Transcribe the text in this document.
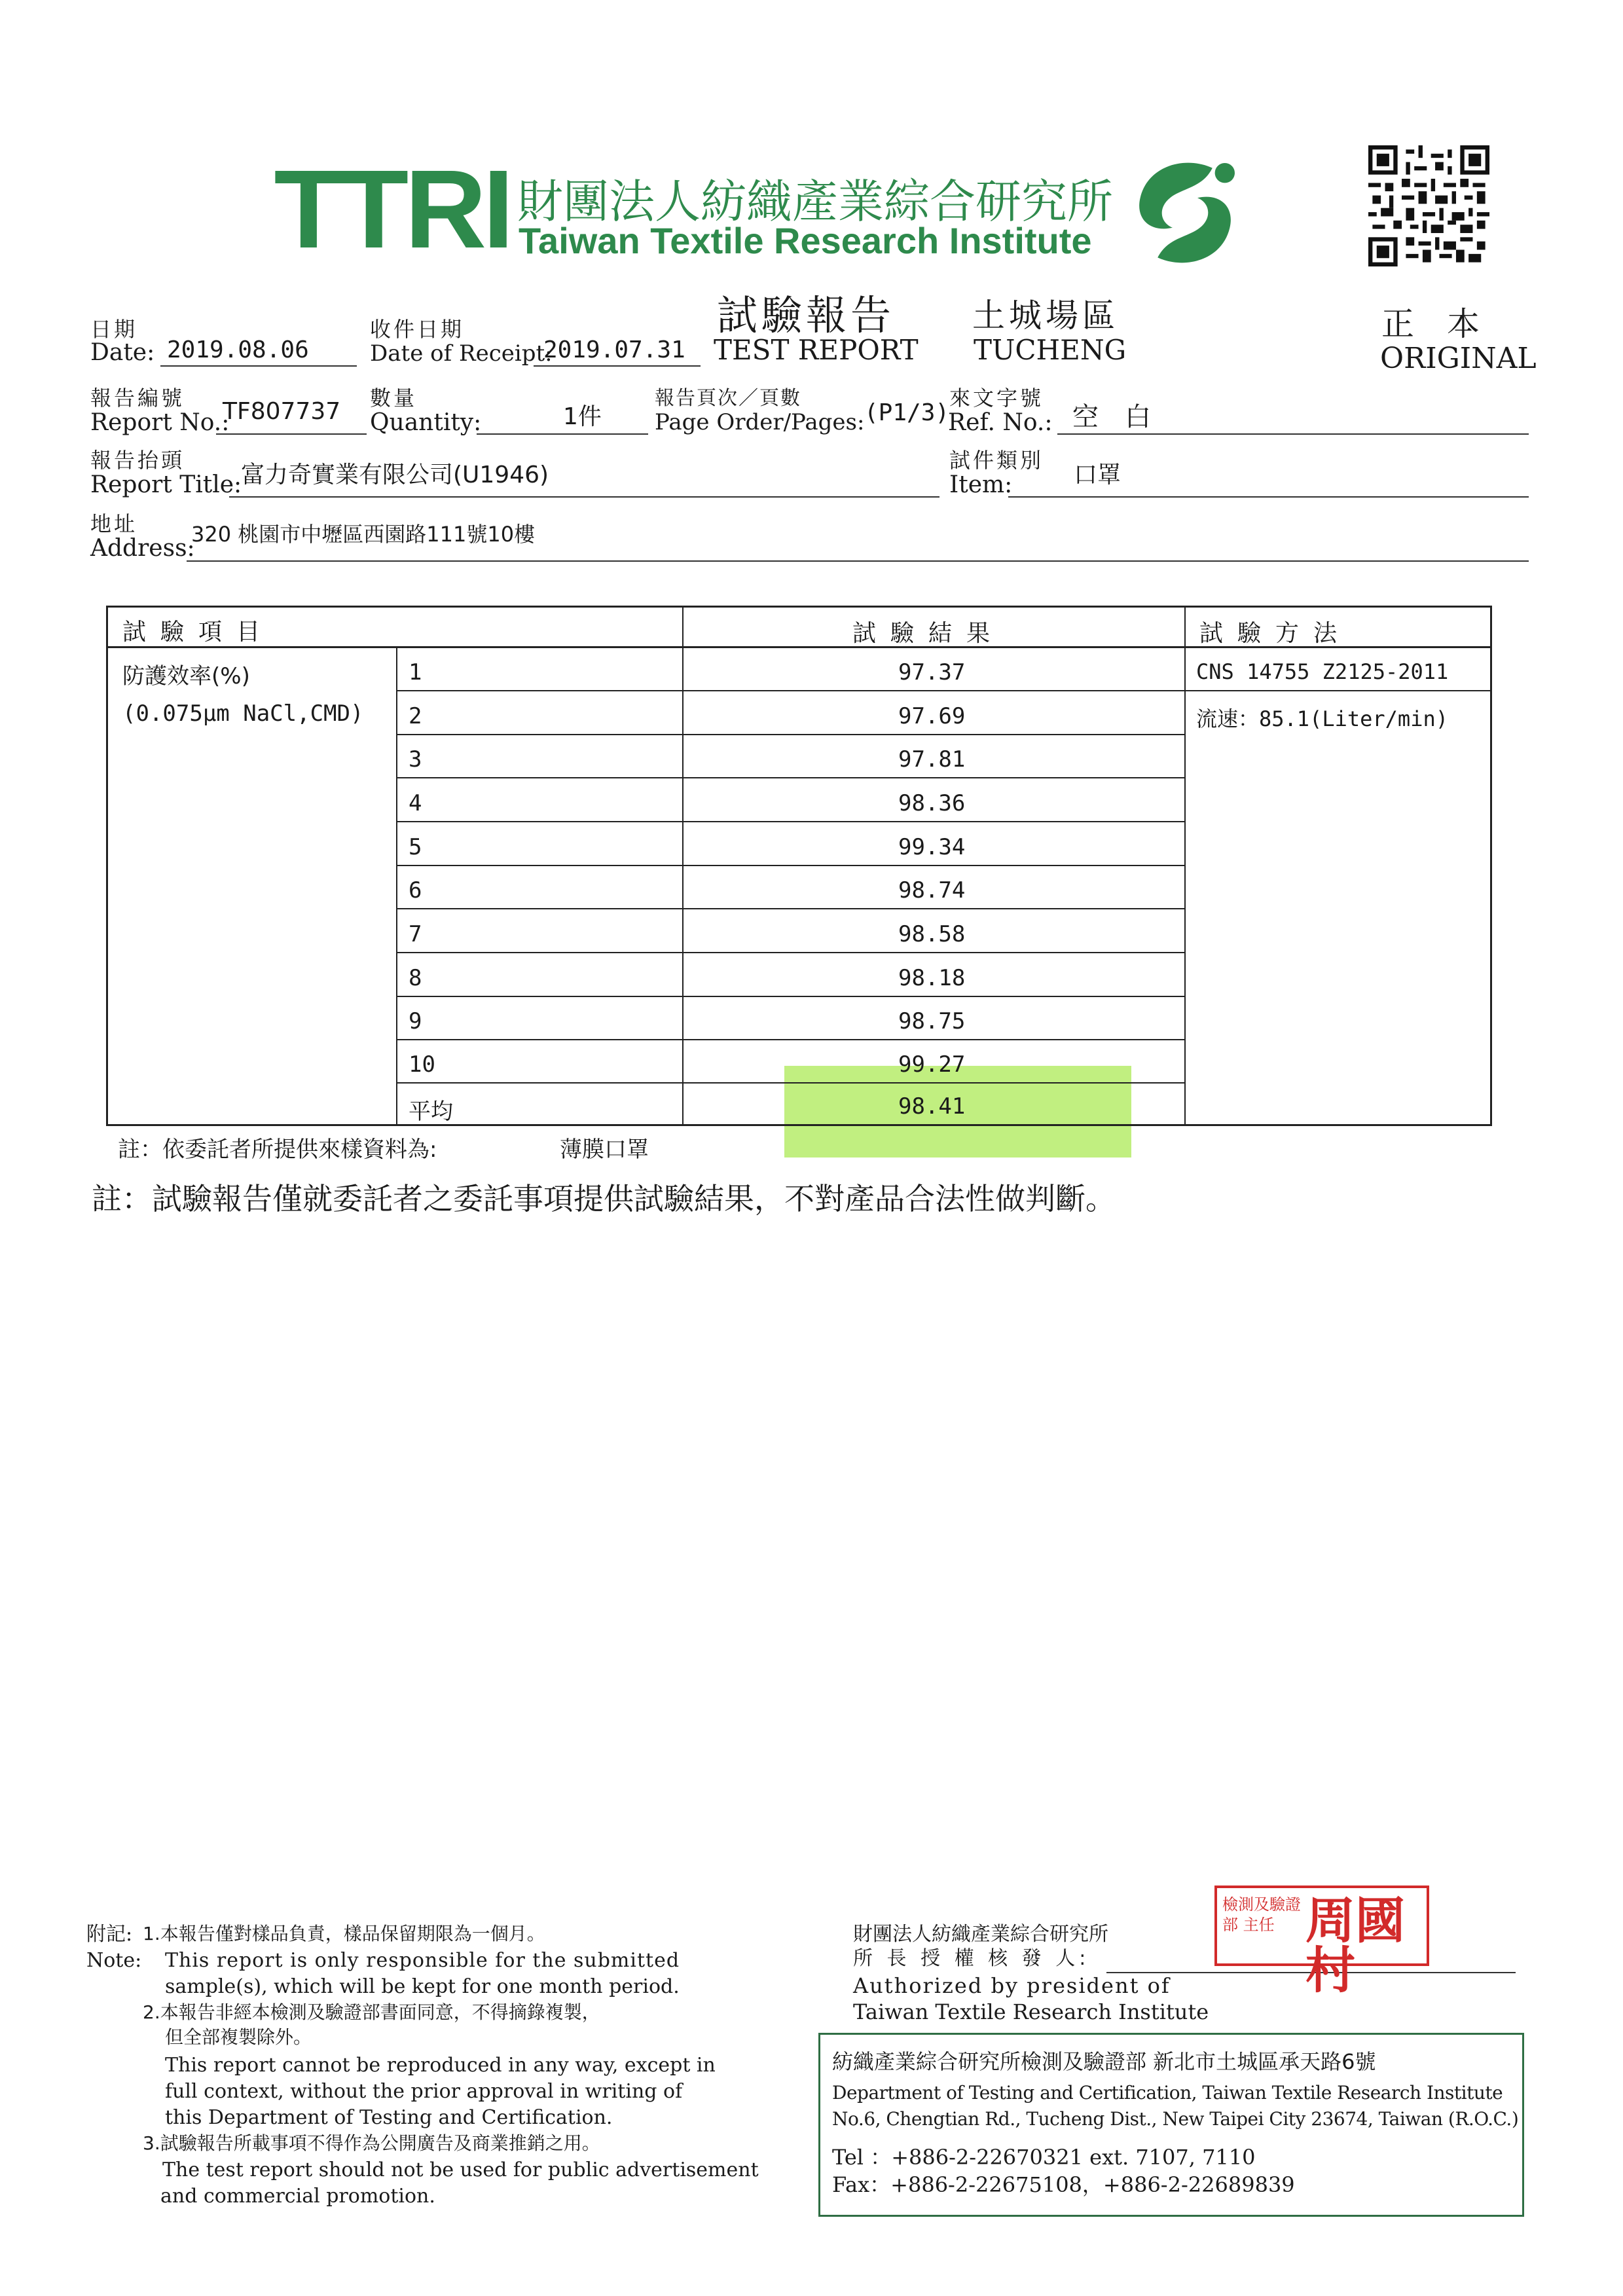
TTRI 財團法人紡織產業綜合研究所
Taiwan Textile Research Institute
試驗報告
TEST REPORT
土城場區
TUCHENG
正　本
ORIGINAL
日期
Date: 2019.08.06
收件日期
Date of Receipt:
2019.07.31
報告編號
Report No.:
TF807737 數量
Quantity:	1件
報告頁次／頁數
Page Order/Pages: (P1/3)
來文字號
Ref. No.: 空　白
報告抬頭
Report Title:
富力奇實業有限公司(U1946)
試件類別
Item:	口罩
地址
Address:
320 桃園市中壢區西園路111號10樓
試驗項目	試驗結果	試驗方法
防護效率(%)
(0.075μm NaCl,CMD)
CNS 14755 Z2125-2011
流速：85.1(Liter/min)
1	97.37
2	97.69
3	97.81
4	98.36
5	99.34
6	98.74
7	98.58
8	98.18
9	98.75
10	99.27
平均	98.41
註：依委託者所提供來樣資料為:	薄膜口罩
註：試驗報告僅就委託者之委託事項提供試驗結果，不對產品合法性做判斷。
附記:
Note:
1.本報告僅對樣品負責，樣品保留期限為一個月。
This report is only responsible for the submitted
sample(s), which will be kept for one month period.
2.本報告非經本檢測及驗證部書面同意，不得摘錄複製，
但全部複製除外。
This report cannot be reproduced in any way, except in
full context, without the prior approval in writing of
this Department of Testing and Certification.
3.試驗報告所載事項不得作為公開廣告及商業推銷之用。
The test report should not be used for public advertisement
and commercial promotion.
財團法人紡織產業綜合研究所
所 長 授 權 核 發 人:
Authorized by president of
Taiwan Textile Research Institute
檢測及驗證部 主任 周國村
紡織產業綜合研究所檢測及驗證部 新北市土城區承天路6號
Department of Testing and Certification, Taiwan Textile Research Institute
No.6, Chengtian Rd., Tucheng Dist., New Taipei City 23674, Taiwan (R.O.C.)
Tel ：+886-2-22670321 ext. 7107, 7110
Fax：+886-2-22675108，+886-2-22689839
